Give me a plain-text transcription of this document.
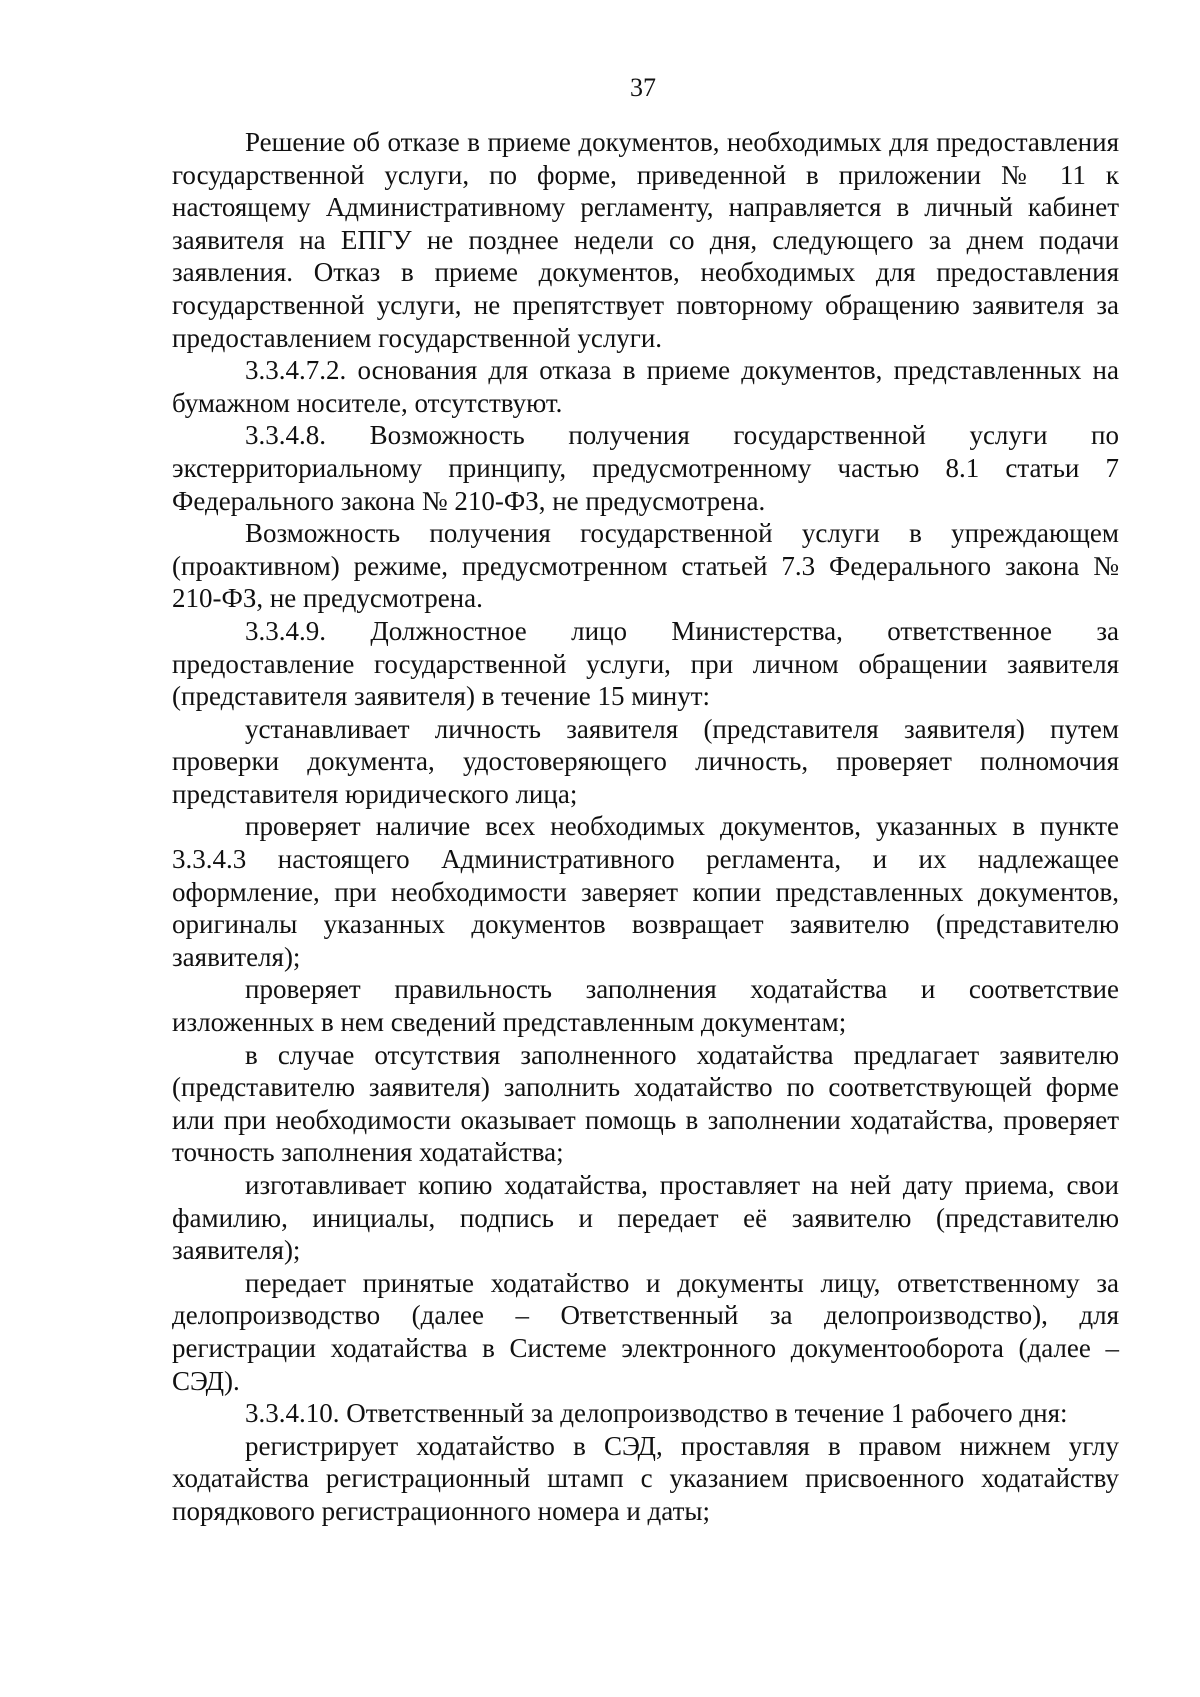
37

Решение об отказе в приеме документов, необходимых для предоставления государственной услуги, по форме, приведенной в приложении № 11 к настоящему Административному регламенту, направляется в личный кабинет заявителя на ЕПГУ не позднее недели со дня, следующего за днем подачи заявления. Отказ в приеме документов, необходимых для предоставления государственной услуги, не препятствует повторному обращению заявителя за предоставлением государственной услуги.

3.3.4.7.2. основания для отказа в приеме документов, представленных на бумажном носителе, отсутствуют.

3.3.4.8. Возможность получения государственной услуги по экстерриториальному принципу, предусмотренному частью 8.1 статьи 7 Федерального закона № 210-ФЗ, не предусмотрена.

Возможность получения государственной услуги в упреждающем (проактивном) режиме, предусмотренном статьей 7.3 Федерального закона № 210-ФЗ, не предусмотрена.

3.3.4.9. Должностное лицо Министерства, ответственное за предоставление государственной услуги, при личном обращении заявителя (представителя заявителя) в течение 15 минут:

устанавливает личность заявителя (представителя заявителя) путем проверки документа, удостоверяющего личность, проверяет полномочия представителя юридического лица;

проверяет наличие всех необходимых документов, указанных в пункте 3.3.4.3 настоящего Административного регламента, и их надлежащее оформление, при необходимости заверяет копии представленных документов, оригиналы указанных документов возвращает заявителю (представителю заявителя);

проверяет правильность заполнения ходатайства и соответствие изложенных в нем сведений представленным документам;

в случае отсутствия заполненного ходатайства предлагает заявителю (представителю заявителя) заполнить ходатайство по соответствующей форме или при необходимости оказывает помощь в заполнении ходатайства, проверяет точность заполнения ходатайства;

изготавливает копию ходатайства, проставляет на ней дату приема, свои фамилию, инициалы, подпись и передает её заявителю (представителю заявителя);

передает принятые ходатайство и документы лицу, ответственному за делопроизводство (далее – Ответственный за делопроизводство), для регистрации ходатайства в Системе электронного документооборота (далее – СЭД).

3.3.4.10. Ответственный за делопроизводство в течение 1 рабочего дня:

регистрирует ходатайство в СЭД, проставляя в правом нижнем углу ходатайства регистрационный штамп с указанием присвоенного ходатайству порядкового регистрационного номера и даты;
